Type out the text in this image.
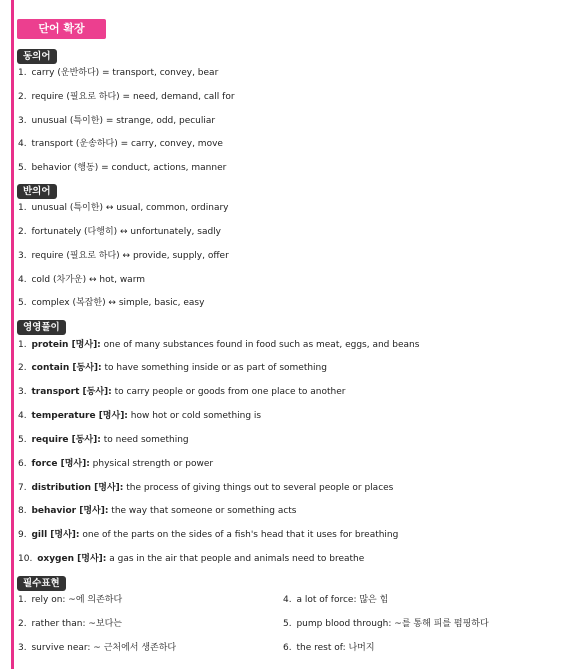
단어 확장
동의어
1. carry (운반하다) = transport, convey, bear
2. require (필요로 하다) = need, demand, call for
3. unusual (특이한) = strange, odd, peculiar
4. transport (운송하다) = carry, convey, move
5. behavior (행동) = conduct, actions, manner
반의어
1. unusual (특이한) ↔ usual, common, ordinary
2. fortunately (다행히) ↔ unfortunately, sadly
3. require (필요로 하다) ↔ provide, supply, offer
4. cold (차가운) ↔ hot, warm
5. complex (복잡한) ↔ simple, basic, easy
영영풀이
1. protein [명사]: one of many substances found in food such as meat, eggs, and beans
2. contain [동사]: to have something inside or as part of something
3. transport [동사]: to carry people or goods from one place to another
4. temperature [명사]: how hot or cold something is
5. require [동사]: to need something
6. force [명사]: physical strength or power
7. distribution [명사]: the process of giving things out to several people or places
8. behavior [명사]: the way that someone or something acts
9. gill [명사]: one of the parts on the sides of a fish's head that it uses for breathing
10. oxygen [명사]: a gas in the air that people and animals need to breathe
필수표현
1. rely on: ~에 의존하다
2. rather than: ~보다는
3. survive near: ~ 근처에서 생존하다
4. a lot of force: 많은 힘
5. pump blood through: ~를 통해 피를 펌핑하다
6. the rest of: 나머지
